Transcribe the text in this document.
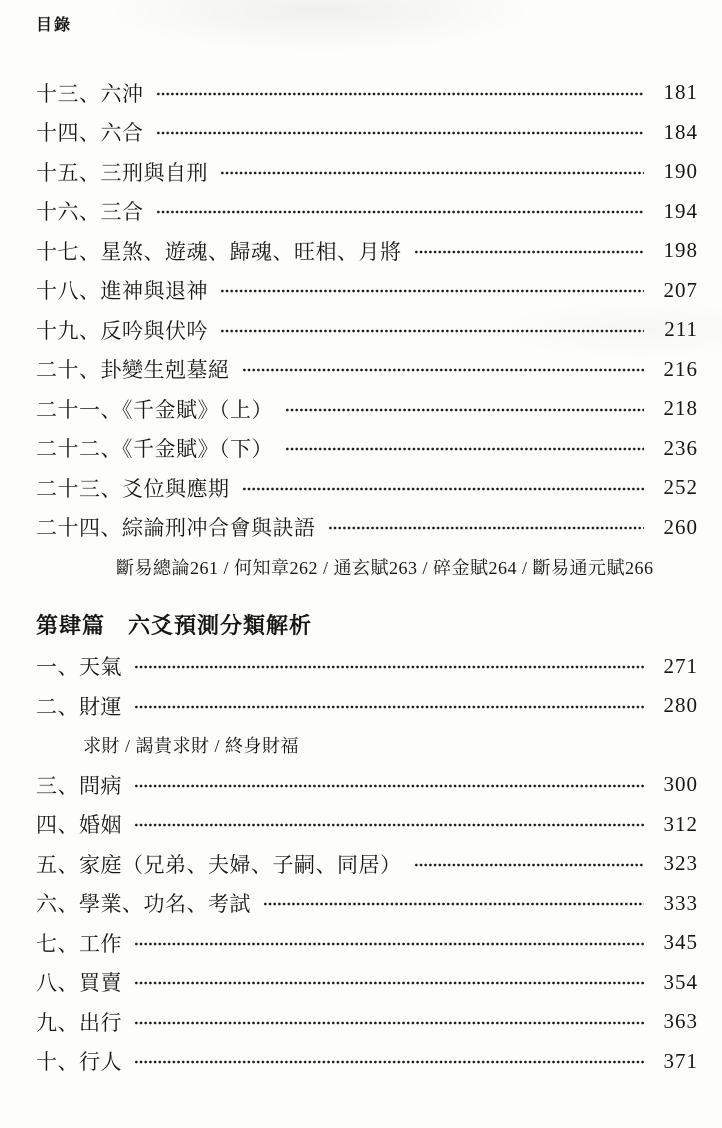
目錄
十三、六沖	181
十四、六合	184
十五、三刑與自刑	190
十六、三合	194
十七、星煞、遊魂、歸魂、旺相、月將	198
十八、進神與退神	207
十九、反吟與伏吟	211
二十、卦變生剋墓絕	216
二十一、《千金賦》（上）	218
二十二、《千金賦》（下）	236
二十三、爻位與應期	252
二十四、綜論刑冲合會與訣語	260
斷易總論261 / 何知章262 / 通玄賦263 / 碎金賦264 / 斷易通元賦266
第肆篇　六爻預測分類解析
一、天氣	271
二、財運	280
求財 / 謁貴求財 / 終身財福
三、問病	300
四、婚姻	312
五、家庭（兄弟、夫婦、子嗣、同居）	323
六、學業、功名、考試	333
七、工作	345
八、買賣	354
九、出行	363
十、行人	371
